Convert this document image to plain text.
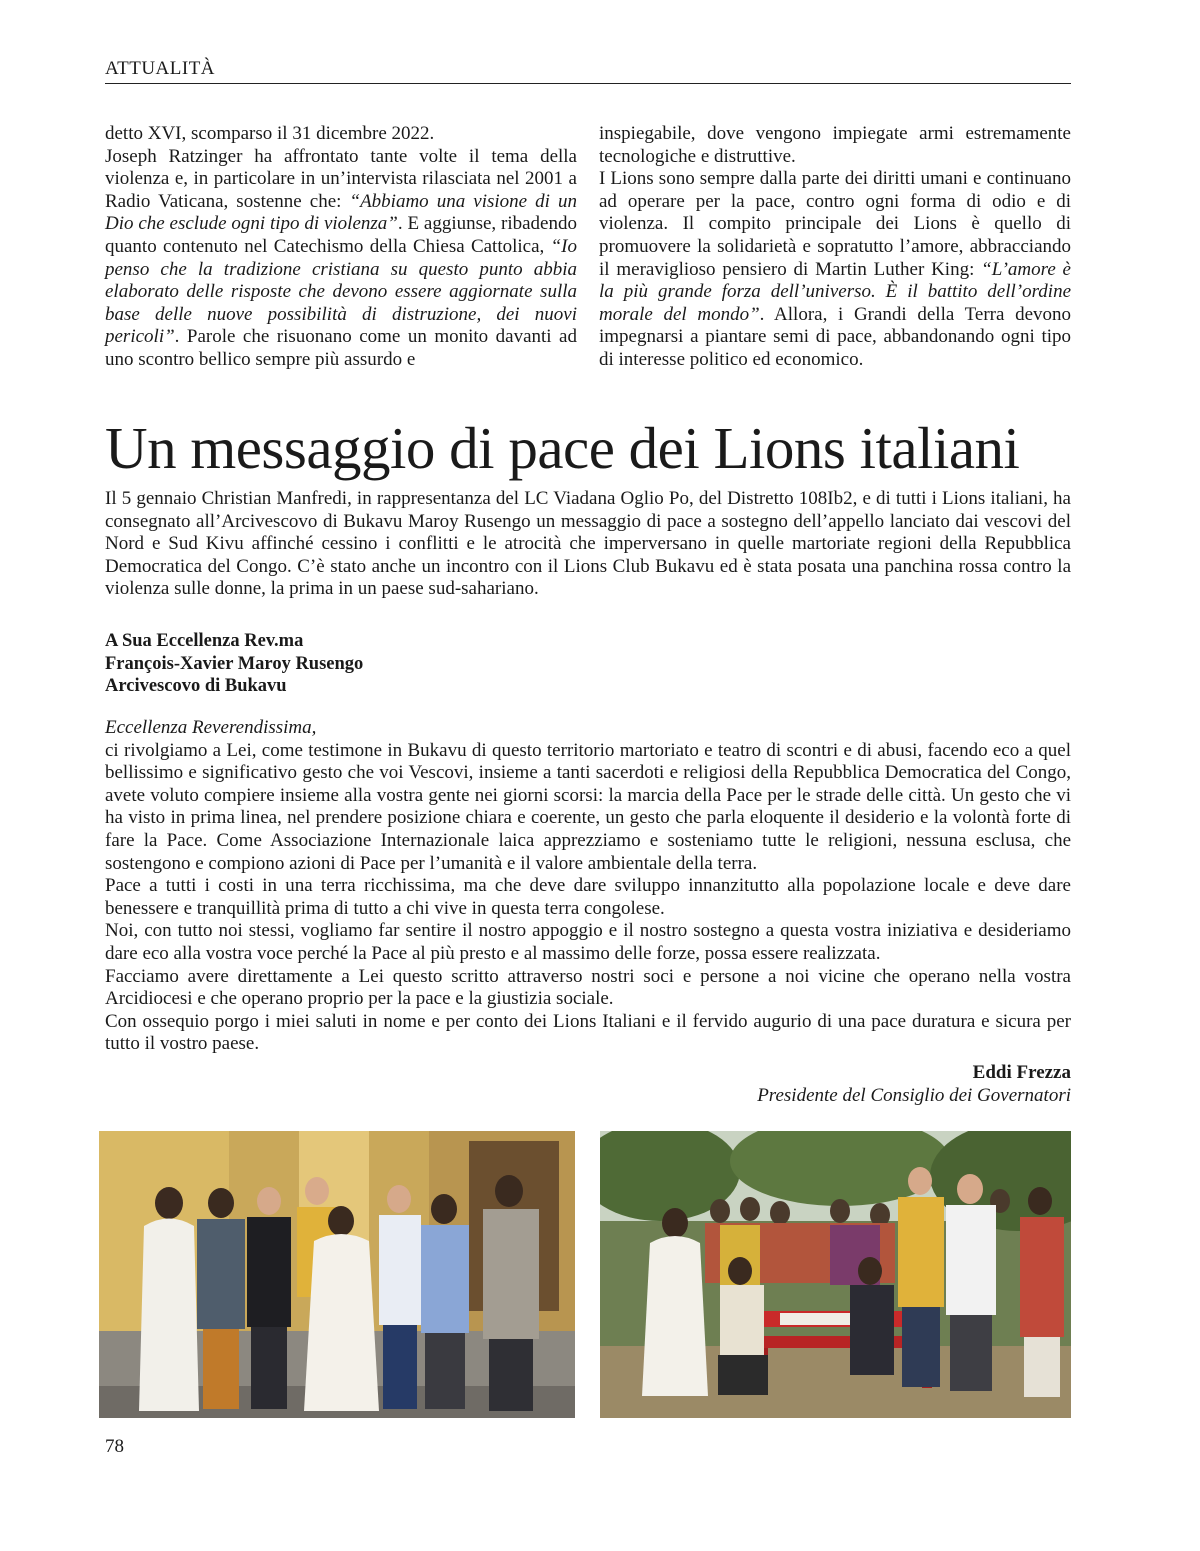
ATTUALITÀ

detto XVI, scomparso il 31 dicembre 2022.

Joseph Ratzinger ha affrontato tante volte il tema della violenza e, in particolare in un’intervista rilasciata nel 2001 a Radio Vaticana, sostenne che: “Abbiamo una visione di un Dio che esclude ogni tipo di violenza”. E aggiunse, ribadendo quanto contenuto nel Catechismo della Chiesa Cattolica, “Io penso che la tradizione cristiana su questo punto abbia elaborato delle risposte che devono essere aggiornate sulla base delle nuove possibilità di distruzione, dei nuovi pericoli”. Parole che risuonano come un monito davanti ad uno scontro bellico sempre più assurdo e

inspiegabile, dove vengono impiegate armi estremamente tecnologiche e distruttive.

I Lions sono sempre dalla parte dei diritti umani e continuano ad operare per la pace, contro ogni forma di odio e di violenza. Il compito principale dei Lions è quello di promuovere la solidarietà e sopratutto l’amore, abbracciando il meraviglioso pensiero di Martin Luther King: “L’amore è la più grande forza dell’universo. È il battito dell’ordine morale del mondo”. Allora, i Grandi della Terra devono impegnarsi a piantare semi di pace, abbandonando ogni tipo di interesse politico ed economico.

Un messaggio di pace dei Lions italiani

Il 5 gennaio Christian Manfredi, in rappresentanza del LC Viadana Oglio Po, del Distretto 108Ib2, e di tutti i Lions italiani, ha consegnato all’Arcivescovo di Bukavu Maroy Rusengo un messaggio di pace a sostegno dell’appello lanciato dai vescovi del Nord e Sud Kivu affinché cessino i conflitti e le atrocità che imperversano in quelle martoriate regioni della Repubblica Democratica del Congo. C’è stato anche un incontro con il Lions Club Bukavu ed è stata posata una panchina rossa contro la violenza sulle donne, la prima in un paese sud-sahariano.

A Sua Eccellenza Rev.ma
François-Xavier Maroy Rusengo
Arcivescovo di Bukavu

Eccellenza Reverendissima,

ci rivolgiamo a Lei, come testimone in Bukavu di questo territorio martoriato e teatro di scontri e di abusi, facendo eco a quel bellissimo e significativo gesto che voi Vescovi, insieme a tanti sacerdoti e religiosi della Repubblica Democratica del Congo, avete voluto compiere insieme alla vostra gente nei giorni scorsi: la marcia della Pace per le strade delle città. Un gesto che vi ha visto in prima linea, nel prendere posizione chiara e coerente, un gesto che parla eloquente il desiderio e la volontà forte di fare la Pace. Come Associazione Internazionale laica apprezziamo e sosteniamo tutte le religioni, nessuna esclusa, che sostengono e compiono azioni di Pace per l’umanità e il valore ambientale della terra.

Pace a tutti i costi in una terra ricchissima, ma che deve dare sviluppo innanzitutto alla popolazione locale e deve dare benessere e tranquillità prima di tutto a chi vive in questa terra congolese.

Noi, con tutto noi stessi, vogliamo far sentire il nostro appoggio e il nostro sostegno a questa vostra iniziativa e desideriamo dare eco alla vostra voce perché la Pace al più presto e al massimo delle forze, possa essere realizzata.

Facciamo avere direttamente a Lei questo scritto attraverso nostri soci e persone a noi vicine che operano nella vostra Arcidiocesi e che operano proprio per la pace e la giustizia sociale.

Con ossequio porgo i miei saluti in nome e per conto dei Lions Italiani e il fervido augurio di una pace duratura e sicura per tutto il vostro paese.

Eddi Frezza
Presidente del Consiglio dei Governatori
78
